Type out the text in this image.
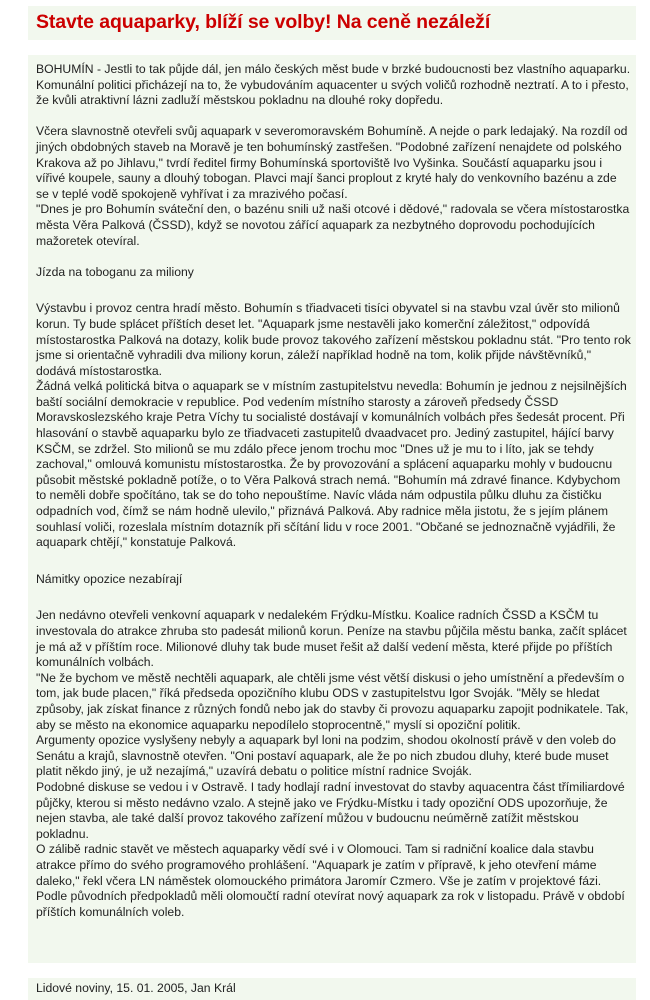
Stavte aquaparky, blíží se volby! Na ceně nezáleží

BOHUMÍN - Jestli to tak půjde dál, jen málo českých měst bude v brzké budoucnosti bez vlastního aquaparku. Komunální politici přicházejí na to, že vybudováním aquacenter u svých voličů rozhodně neztratí. A to i přesto, že kvůli atraktivní lázni zadluží městskou pokladnu na dlouhé roky dopředu.

Včera slavnostně otevřeli svůj aquapark v severomoravském Bohumíně. A nejde o park ledajaký. Na rozdíl od jiných obdobných staveb na Moravě je ten bohumínský zastřešen. "Podobné zařízení nenajdete od polského Krakova až po Jihlavu," tvrdí ředitel firmy Bohumínská sportoviště Ivo Vyšinka. Součástí aquaparku jsou i vířivé koupele, sauny a dlouhý tobogan. Plavci mají šanci proplout z kryté haly do venkovního bazénu a zde se v teplé vodě spokojeně vyhřívat i za mrazivého počasí.

"Dnes je pro Bohumín sváteční den, o bazénu snili už naši otcové i dědové," radovala se včera místostarostka města Věra Palková (ČSSD), když se novotou zářící aquapark za nezbytného doprovodu pochodujících mažoretek otevíral.

Jízda na toboganu za miliony

Výstavbu i provoz centra hradí město. Bohumín s třiadvaceti tisíci obyvatel si na stavbu vzal úvěr sto milionů korun. Ty bude splácet příštích deset let. "Aquapark jsme nestavěli jako komerční záležitost," odpovídá místostarostka Palková na dotazy, kolik bude provoz takového zařízení městskou pokladnu stát. "Pro tento rok jsme si orientačně vyhradili dva miliony korun, záleží například hodně na tom, kolik přijde návštěvníků," dodává místostarostka.

Žádná velká politická bitva o aquapark se v místním zastupitelstvu nevedla: Bohumín je jednou z nejsilnějších baští sociální demokracie v republice. Pod vedením místního starosty a zároveň předsedy ČSSD Moravskoslezského kraje Petra Víchy tu socialisté dostávají v komunálních volbách přes šedesát procent. Při hlasování o stavbě aquaparku bylo ze třiadvaceti zastupitelů dvaadvacet pro. Jediný zastupitel, hájící barvy KSČM, se zdržel. Sto milionů se mu zdálo přece jenom trochu moc "Dnes už je mu to i líto, jak se tehdy zachoval," omlouvá komunistu místostarostka. Že by provozování a splácení aquaparku mohly v budoucnu působit městské pokladně potíže, o to Věra Palková strach nemá. "Bohumín má zdravé finance. Kdybychom to neměli dobře spočítáno, tak se do toho nepouštíme. Navíc vláda nám odpustila půlku dluhu za čističku odpadních vod, čímž se nám hodně ulevilo," přiznává Palková. Aby radnice měla jistotu, že s jejím plánem souhlasí voliči, rozeslala místním dotazník při sčítání lidu v roce 2001. "Občané se jednoznačně vyjádřili, že aquapark chtějí," konstatuje Palková.

Námitky opozice nezabírají

Jen nedávno otevřeli venkovní aquapark v nedalekém Frýdku-Místku. Koalice radních ČSSD a KSČM tu investovala do atrakce zhruba sto padesát milionů korun. Peníze na stavbu půjčila městu banka, začít splácet je má až v příštím roce. Milionové dluhy tak bude muset řešit až další vedení města, které přijde po příštích komunálních volbách.

"Ne že bychom ve městě nechtěli aquapark, ale chtěli jsme vést větší diskusi o jeho umístnění a především o tom, jak bude placen," říká předseda opozičního klubu ODS v zastupitelstvu Igor Svoják. "Měly se hledat způsoby, jak získat finance z různých fondů nebo jak do stavby či provozu aquaparku zapojit podnikatele. Tak, aby se město na ekonomice aquaparku nepodílelo stoprocentně," myslí si opoziční politik.

Argumenty opozice vyslyšeny nebyly a aquapark byl loni na podzim, shodou okolností právě v den voleb do Senátu a krajů, slavnostně otevřen. "Oni postaví aquapark, ale že po nich zbudou dluhy, které bude muset platit někdo jiný, je už nezajímá," uzavírá debatu o politice místní radnice Svoják.

Podobné diskuse se vedou i v Ostravě. I tady hodlají radní investovat do stavby aquacentra část třímiliardové půjčky, kterou si město nedávno vzalo. A stejně jako ve Frýdku-Místku i tady opoziční ODS upozorňuje, že nejen stavba, ale také další provoz takového zařízení můžou v budoucnu neúměrně zatížit městskou pokladnu.

O zálibě radnic stavět ve městech aquaparky vědí své i v Olomouci. Tam si radniční koalice dala stavbu atrakce přímo do svého programového prohlášení. "Aquapark je zatím v přípravě, k jeho otevření máme daleko," řekl včera LN náměstek olomouckého primátora Jaromír Czmero. Vše je zatím v projektové fázi. Podle původních předpokladů měli olomoučtí radní otevírat nový aquapark za rok v listopadu. Právě v období příštích komunálních voleb.

Lidové noviny, 15. 01. 2005, Jan Král
